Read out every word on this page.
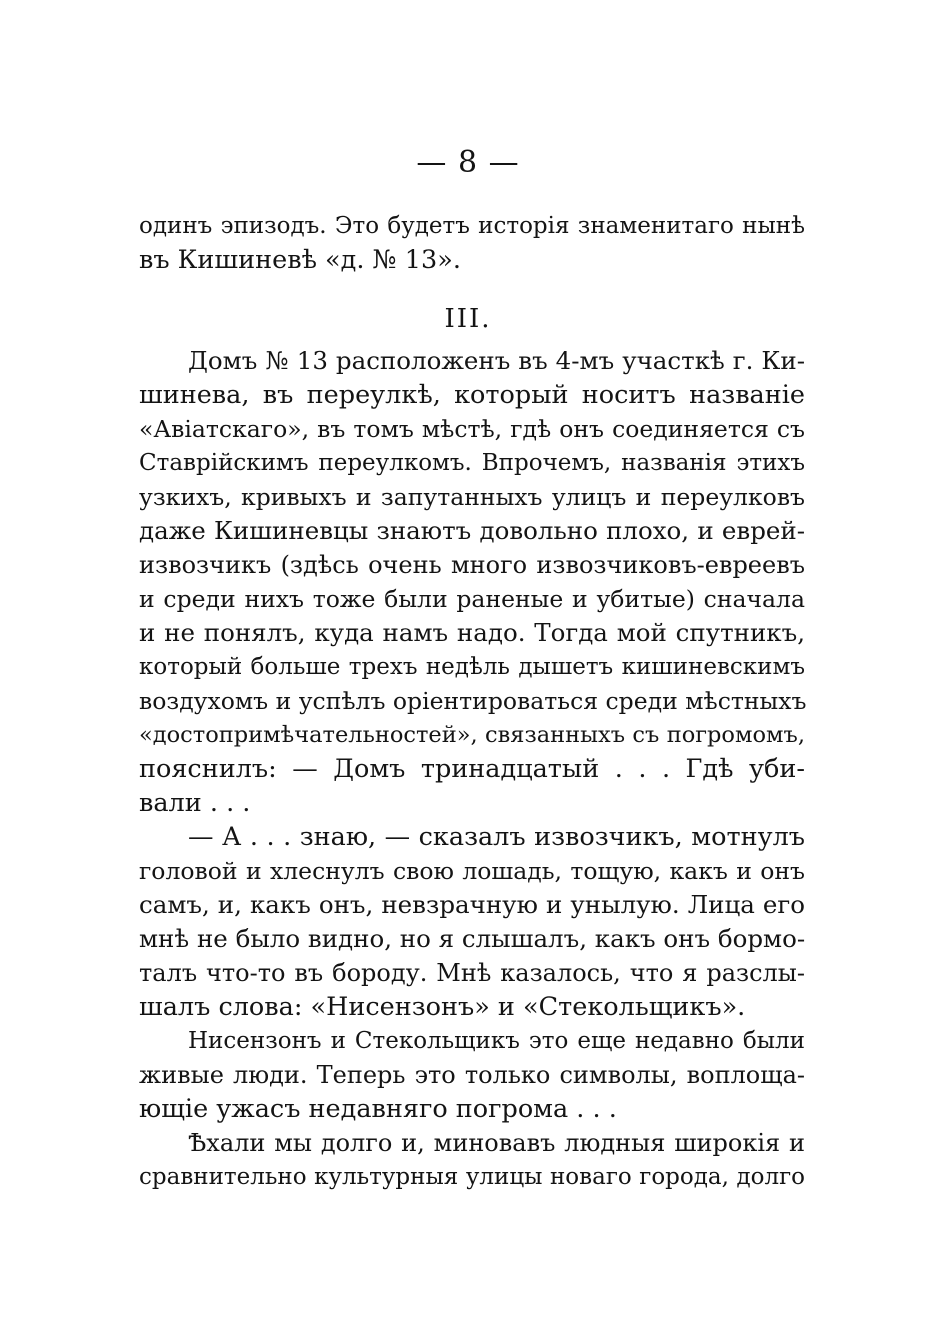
— 8 —
одинъ эпизодъ. Это будетъ исторія знаменитаго нынѣ
въ Кишиневѣ «д. № 13».
III.
Домъ № 13 расположенъ въ 4-мъ участкѣ г. Ки-
шинева, въ переулкѣ, который носитъ названіе
«Авіатскаго», въ томъ мѣстѣ, гдѣ онъ соединяется съ
Ставрійскимъ переулкомъ. Впрочемъ, названія этихъ
узкихъ, кривыхъ и запутанныхъ улицъ и переулковъ
даже Кишиневцы знаютъ довольно плохо, и еврей-
извозчикъ (здѣсь очень много извозчиковъ-евреевъ
и среди нихъ тоже были раненые и убитые) сначала
и не понялъ, куда намъ надо. Тогда мой спутникъ,
который больше трехъ недѣль дышетъ кишиневскимъ
воздухомъ и успѣлъ оріентироваться среди мѣстныхъ
«достопримѣчательностей», связанныхъ съ погромомъ,
пояснилъ: — Домъ тринадцатый . . . Гдѣ уби-
вали . . .
— А . . . знаю, — сказалъ извозчикъ, мотнулъ
головой и хлеснулъ свою лошадь, тощую, какъ и онъ
самъ, и, какъ онъ, невзрачную и унылую. Лица его
мнѣ не было видно, но я слышалъ, какъ онъ бормо-
талъ что-то въ бороду. Мнѣ казалось, что я разслы-
шалъ слова: «Нисензонъ» и «Стекольщикъ».
Нисензонъ и Стекольщикъ это еще недавно были
живые люди. Теперь это только символы, воплоща-
ющіе ужасъ недавняго погрома . . .
Ѣхали мы долго и, миновавъ людныя широкія и
сравнительно культурныя улицы новаго города, долго
